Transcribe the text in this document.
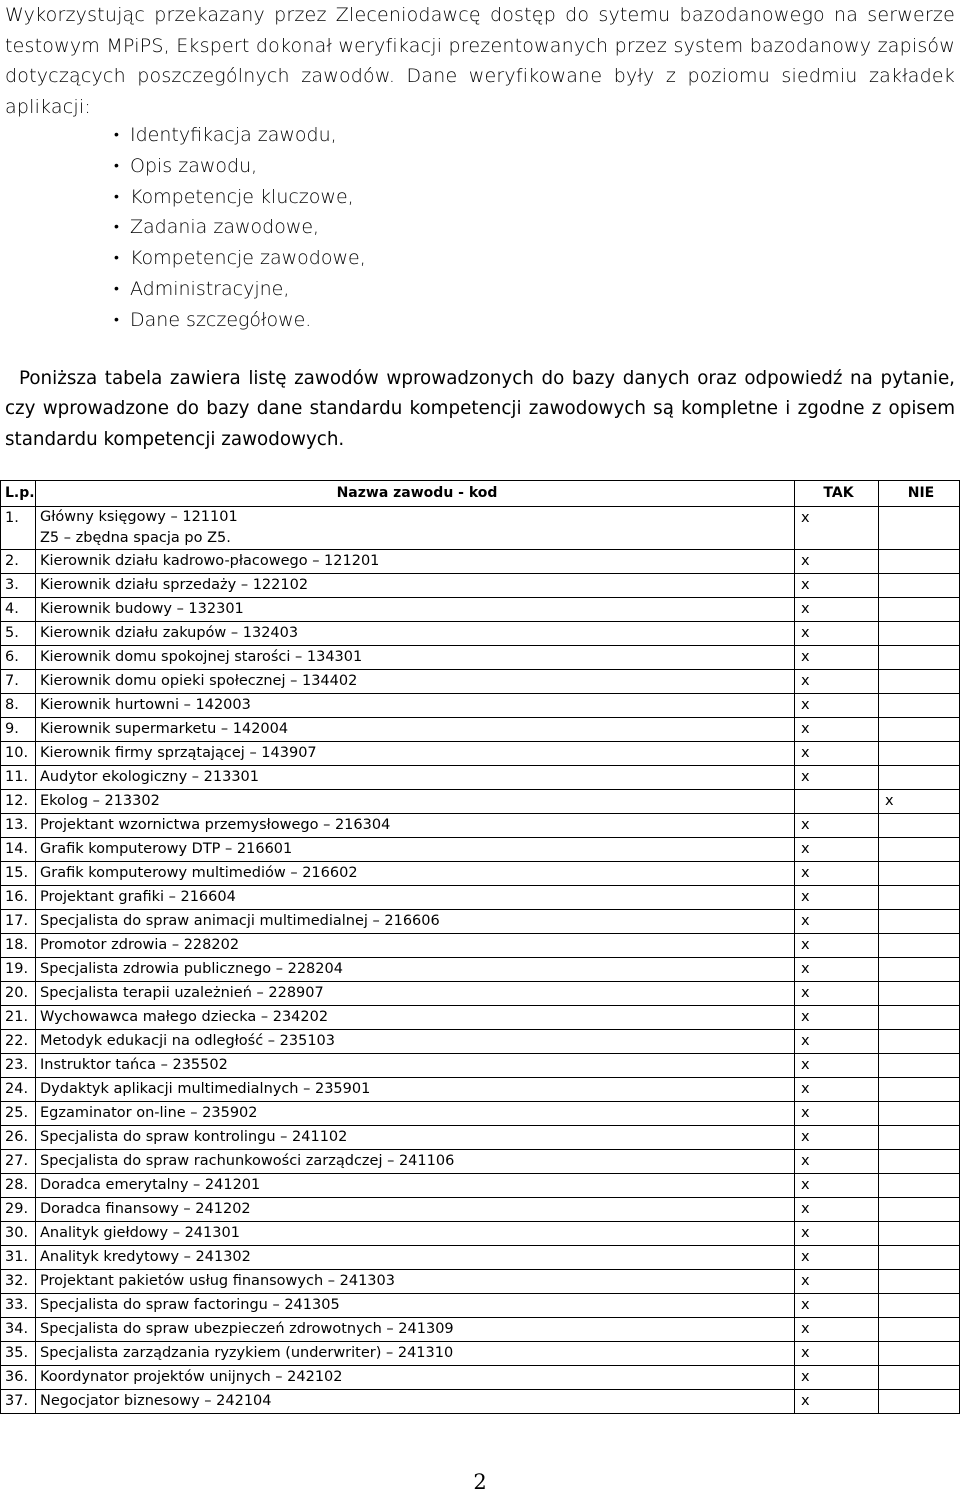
Wykorzystując przekazany przez Zleceniodawcę dostęp do sytemu bazodanowego na serwerze testowym MPiPS, Ekspert dokonał weryfikacji prezentowanych przez system bazodanowy zapisów dotyczących poszczególnych zawodów. Dane weryfikowane były z poziomu siedmiu zakładek aplikacji:

• Identyfikacja zawodu,
• Opis zawodu,
• Kompetencje kluczowe,
• Zadania zawodowe,
• Kompetencje zawodowe,
• Administracyjne,
• Dane szczegółowe.

Poniższa tabela zawiera listę zawodów wprowadzonych do bazy danych oraz odpowiedź na pytanie, czy wprowadzone do bazy dane standardu kompetencji zawodowych są kompletne i zgodne z opisem standardu kompetencji zawodowych.

L.p.	Nazwa zawodu - kod	TAK	NIE
1.	Główny księgowy – 121101
Z5 – zbędna spacja po Z5.	x	
2.	Kierownik działu kadrowo-płacowego – 121201	x	
3.	Kierownik działu sprzedaży – 122102	x	
4.	Kierownik budowy – 132301	x	
5.	Kierownik działu zakupów – 132403	x	
6.	Kierownik domu spokojnej starości – 134301	x	
7.	Kierownik domu opieki społecznej – 134402	x	
8.	Kierownik hurtowni – 142003	x	
9.	Kierownik supermarketu – 142004	x	
10.	Kierownik firmy sprzątającej – 143907	x	
11.	Audytor ekologiczny – 213301	x	
12.	Ekolog – 213302		x
13.	Projektant wzornictwa przemysłowego – 216304	x	
14.	Grafik komputerowy DTP – 216601	x	
15.	Grafik komputerowy multimediów – 216602	x	
16.	Projektant grafiki – 216604	x	
17.	Specjalista do spraw animacji multimedialnej – 216606	x	
18.	Promotor zdrowia – 228202	x	
19.	Specjalista zdrowia publicznego – 228204	x	
20.	Specjalista terapii uzależnień – 228907	x	
21.	Wychowawca małego dziecka – 234202	x	
22.	Metodyk edukacji na odległość – 235103	x	
23.	Instruktor tańca – 235502	x	
24.	Dydaktyk aplikacji multimedialnych – 235901	x	
25.	Egzaminator on-line – 235902	x	
26.	Specjalista do spraw kontrolingu – 241102	x	
27.	Specjalista do spraw rachunkowości zarządczej – 241106	x	
28.	Doradca emerytalny – 241201	x	
29.	Doradca finansowy – 241202	x	
30.	Analityk giełdowy – 241301	x	
31.	Analityk kredytowy – 241302	x	
32.	Projektant pakietów usług finansowych – 241303	x	
33.	Specjalista do spraw factoringu – 241305	x	
34.	Specjalista do spraw ubezpieczeń zdrowotnych – 241309	x	
35.	Specjalista zarządzania ryzykiem (underwriter) – 241310	x	
36.	Koordynator projektów unijnych – 242102	x	
37.	Negocjator biznesowy – 242104	x	
2
